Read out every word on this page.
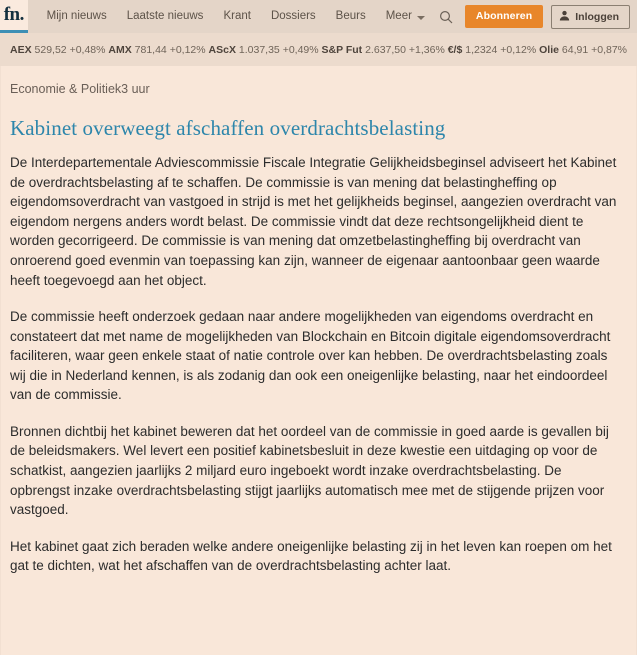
fn.	Mijn nieuws	Laatste nieuws	Krant	Dossiers	Beurs	Meer	Abonneren	Inloggen
AEX 529,52 +0,48% AMX 781,44 +0,12% AScX 1.037,35 +0,49% S&P Fut 2.637,50 +1,36% €/$ 1,2324 +0,12% Olie 64,91 +0,87%
Economie & Politiek3 uur
Kabinet overweegt afschaffen overdrachtsbelasting

De Interdepartementale Adviescommissie Fiscale Integratie Gelijkheidsbeginsel adviseert het Kabinet de overdrachtsbelasting af te schaffen. De commissie is van mening dat belastingheffing op eigendomsoverdracht van vastgoed in strijd is met het gelijkheids beginsel, aangezien overdracht van eigendom nergens anders wordt belast. De commissie vindt dat deze rechtsongelijkheid dient te worden gecorrigeerd. De commissie is van mening dat omzetbelastingheffing bij overdracht van onroerend goed evenmin van toepassing kan zijn, wanneer de eigenaar aantoonbaar geen waarde heeft toegevoegd aan het object.

De commissie heeft onderzoek gedaan naar andere mogelijkheden van eigendoms overdracht en constateert dat met name de mogelijkheden van Blockchain en Bitcoin digitale eigendomsoverdracht faciliteren, waar geen enkele staat of natie controle over kan hebben. De overdrachtsbelasting zoals wij die in Nederland kennen, is als zodanig dan ook een oneigenlijke belasting, naar het eindoordeel van de commissie.

Bronnen dichtbij het kabinet beweren dat het oordeel van de commissie in goed aarde is gevallen bij de beleidsmakers. Wel levert een positief kabinetsbesluit in deze kwestie een uitdaging op voor de schatkist, aangezien jaarlijks 2 miljard euro ingeboekt wordt inzake overdrachtsbelasting. De opbrengst inzake overdrachtsbelasting stijgt jaarlijks automatisch mee met de stijgende prijzen voor vastgoed.

Het kabinet gaat zich beraden welke andere oneigenlijke belasting zij in het leven kan roepen om het gat te dichten, wat het afschaffen van de overdrachtsbelasting achter laat.
